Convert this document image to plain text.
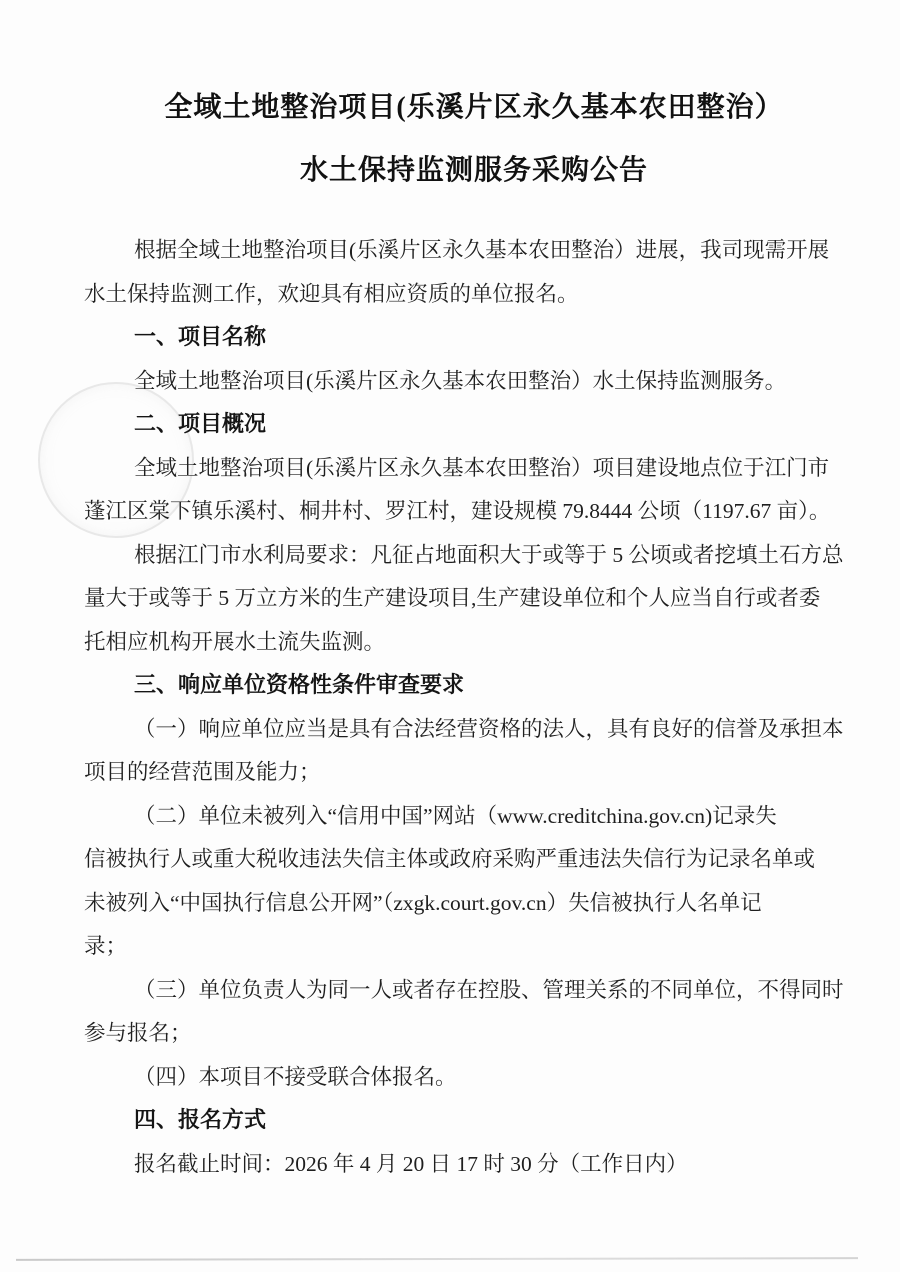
全域土地整治项目(乐溪片区永久基本农田整治）
水土保持监测服务采购公告
根据全域土地整治项目(乐溪片区永久基本农田整治）进展，我司现需开展
水土保持监测工作，欢迎具有相应资质的单位报名。
一、项目名称
全域土地整治项目(乐溪片区永久基本农田整治）水土保持监测服务。
二、项目概况
全域土地整治项目(乐溪片区永久基本农田整治）项目建设地点位于江门市
蓬江区棠下镇乐溪村、桐井村、罗江村，建设规模 79.8444 公顷（1197.67 亩）。
根据江门市水利局要求：凡征占地面积大于或等于 5 公顷或者挖填土石方总
量大于或等于 5 万立方米的生产建设项目,生产建设单位和个人应当自行或者委
托相应机构开展水土流失监测。
三、响应单位资格性条件审查要求
（一）响应单位应当是具有合法经营资格的法人，具有良好的信誉及承担本
项目的经营范围及能力；
（二）单位未被列入“信用中国”网站（www.creditchina.gov.cn)记录失
信被执行人或重大税收违法失信主体或政府采购严重违法失信行为记录名单或
未被列入“中国执行信息公开网”（zxgk.court.gov.cn）失信被执行人名单记
录；
（三）单位负责人为同一人或者存在控股、管理关系的不同单位，不得同时
参与报名；
（四）本项目不接受联合体报名。
四、报名方式
报名截止时间：2026 年 4 月 20 日 17 时 30 分（工作日内）
